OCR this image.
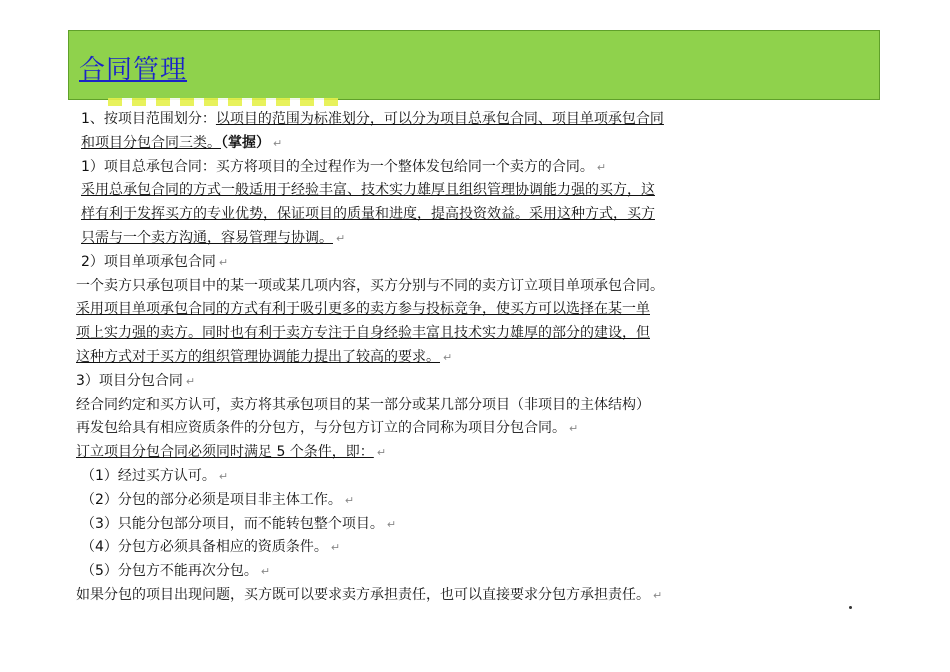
合同管理
1、按项目范围划分：以项目的范围为标准划分，可以分为项目总承包合同、项目单项承包合同
和项目分包合同三类。（掌握） ↵
1）项目总承包合同：买方将项目的全过程作为一个整体发包给同一个卖方的合同。 ↵
采用总承包合同的方式一般适用于经验丰富、技术实力雄厚且组织管理协调能力强的买方，这
样有利于发挥买方的专业优势，保证项目的质量和进度，提高投资效益。采用这种方式，买方
只需与一个卖方沟通，容易管理与协调。 ↵
2）项目单项承包合同 ↵
一个卖方只承包项目中的某一项或某几项内容，买方分别与不同的卖方订立项目单项承包合同。
采用项目单项承包合同的方式有利于吸引更多的卖方参与投标竞争，使买方可以选择在某一单
项上实力强的卖方。同时也有利于卖方专注于自身经验丰富且技术实力雄厚的部分的建设，但
这种方式对于买方的组织管理协调能力提出了较高的要求。 ↵
3）项目分包合同 ↵
经合同约定和买方认可，卖方将其承包项目的某一部分或某几部分项目（非项目的主体结构）
再发包给具有相应资质条件的分包方，与分包方订立的合同称为项目分包合同。 ↵
订立项目分包合同必须同时满足 5 个条件，即： ↵
（1）经过买方认可。 ↵
（2）分包的部分必须是项目非主体工作。 ↵
（3）只能分包部分项目，而不能转包整个项目。 ↵
（4）分包方必须具备相应的资质条件。 ↵
（5）分包方不能再次分包。 ↵
如果分包的项目出现问题，买方既可以要求卖方承担责任，也可以直接要求分包方承担责任。 ↵
